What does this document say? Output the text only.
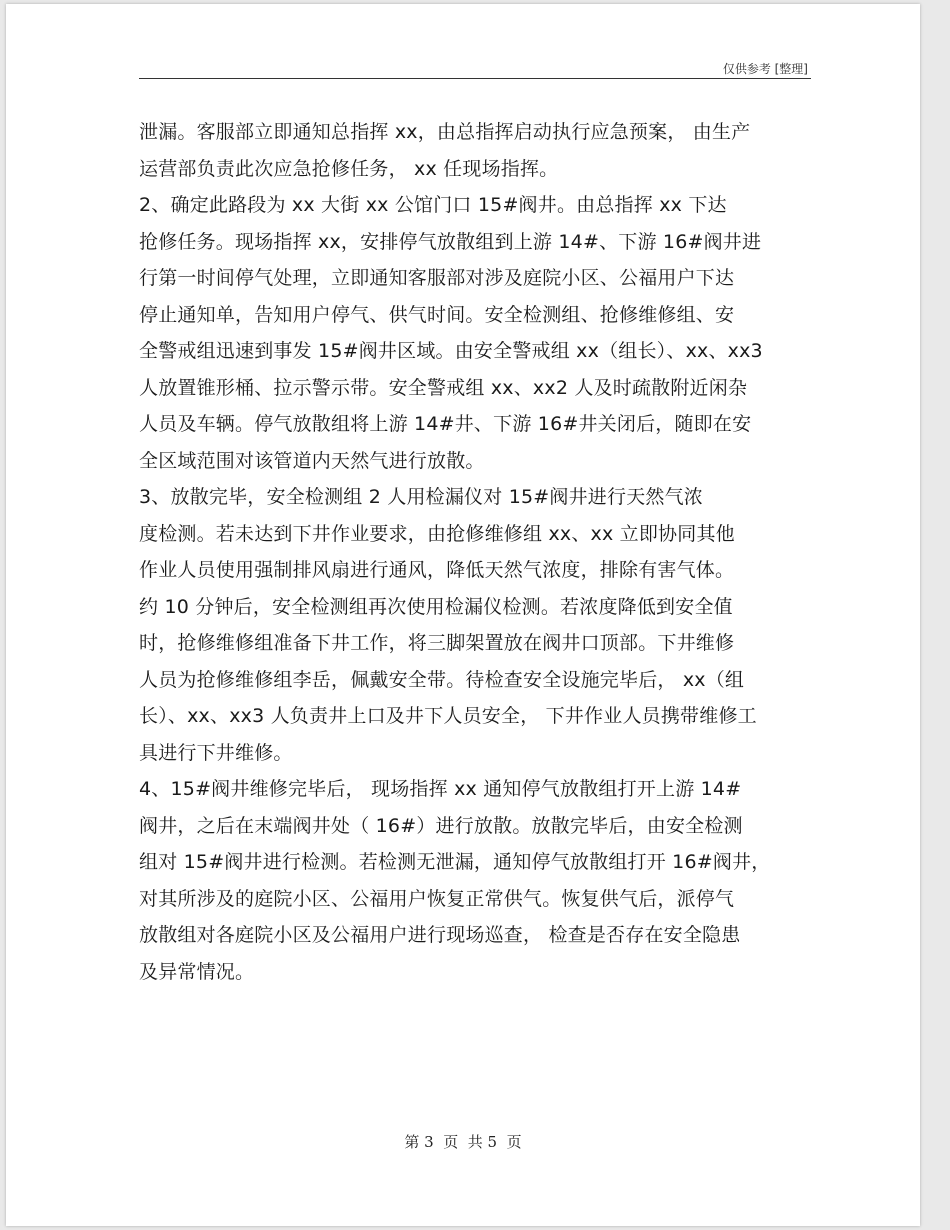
仅供参考 [整理]
泄漏。客服部立即通知总指挥 xx，由总指挥启动执行应急预案， 由生产
运营部负责此次应急抢修任务， xx 任现场指挥。
2、确定此路段为 xx 大街 xx 公馆门口 15#阀井。由总指挥 xx 下达
抢修任务。现场指挥 xx，安排停气放散组到上游 14#、下游 16#阀井进
行第一时间停气处理，立即通知客服部对涉及庭院小区、公福用户下达
停止通知单，告知用户停气、供气时间。安全检测组、抢修维修组、安
全警戒组迅速到事发 15#阀井区域。由安全警戒组 xx（组长）、xx、xx3
人放置锥形桶、拉示警示带。安全警戒组 xx、xx2 人及时疏散附近闲杂
人员及车辆。停气放散组将上游 14#井、下游 16#井关闭后，随即在安
全区域范围对该管道内天然气进行放散。
3、放散完毕，安全检测组 2 人用检漏仪对 15#阀井进行天然气浓
度检测。若未达到下井作业要求，由抢修维修组 xx、xx 立即协同其他
作业人员使用强制排风扇进行通风，降低天然气浓度，排除有害气体。
约 10 分钟后，安全检测组再次使用检漏仪检测。若浓度降低到安全值
时，抢修维修组准备下井工作，将三脚架置放在阀井口顶部。下井维修
人员为抢修维修组李岳，佩戴安全带。待检查安全设施完毕后， xx（组
长）、xx、xx3 人负责井上口及井下人员安全， 下井作业人员携带维修工
具进行下井维修。
4、15#阀井维修完毕后， 现场指挥 xx 通知停气放散组打开上游 14#
阀井，之后在末端阀井处（ 16#）进行放散。放散完毕后，由安全检测
组对 15#阀井进行检测。若检测无泄漏，通知停气放散组打开 16#阀井，
对其所涉及的庭院小区、公福用户恢复正常供气。恢复供气后，派停气
放散组对各庭院小区及公福用户进行现场巡查， 检查是否存在安全隐患
及异常情况。
第 3  页  共 5  页
